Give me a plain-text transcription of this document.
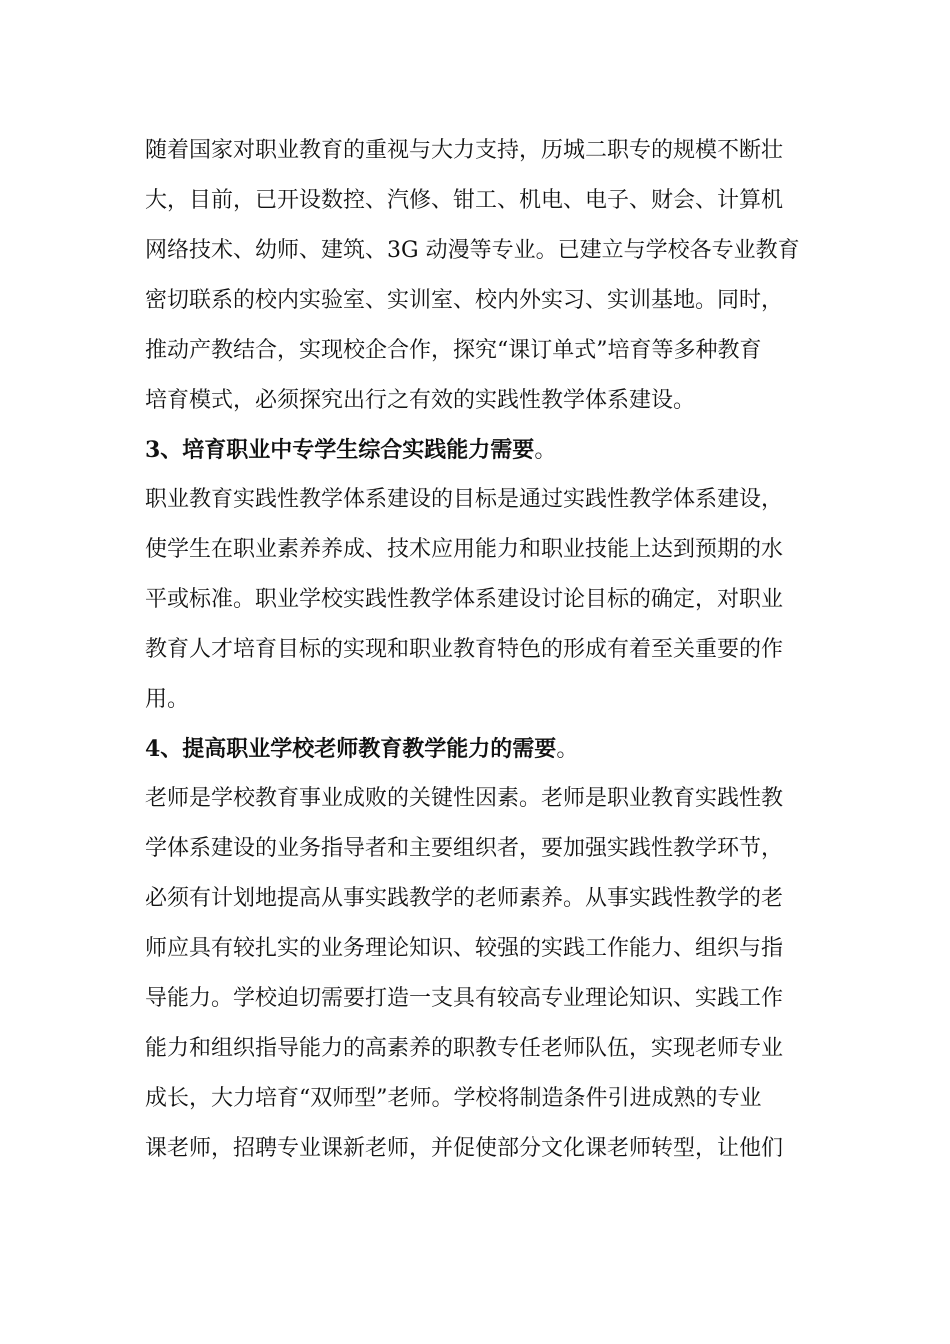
随着国家对职业教育的重视与大力支持，历城二职专的规模不断壮
大，目前，已开设数控、汽修、钳工、机电、电子、财会、计算机
网络技术、幼师、建筑、3G 动漫等专业。已建立与学校各专业教育
密切联系的校内实验室、实训室、校内外实习、实训基地。同时，
推动产教结合，实现校企合作，探究“课订单式”培育等多种教育
培育模式，必须探究出行之有效的实践性教学体系建设。
3、培育职业中专学生综合实践能力需要。
职业教育实践性教学体系建设的目标是通过实践性教学体系建设，
使学生在职业素养养成、技术应用能力和职业技能上达到预期的水
平或标准。职业学校实践性教学体系建设讨论目标的确定，对职业
教育人才培育目标的实现和职业教育特色的形成有着至关重要的作
用。
4、提高职业学校老师教育教学能力的需要。
老师是学校教育事业成败的关键性因素。老师是职业教育实践性教
学体系建设的业务指导者和主要组织者，要加强实践性教学环节，
必须有计划地提高从事实践教学的老师素养。从事实践性教学的老
师应具有较扎实的业务理论知识、较强的实践工作能力、组织与指
导能力。学校迫切需要打造一支具有较高专业理论知识、实践工作
能力和组织指导能力的高素养的职教专任老师队伍，实现老师专业
成长，大力培育“双师型”老师。学校将制造条件引进成熟的专业
课老师，招聘专业课新老师，并促使部分文化课老师转型，让他们
